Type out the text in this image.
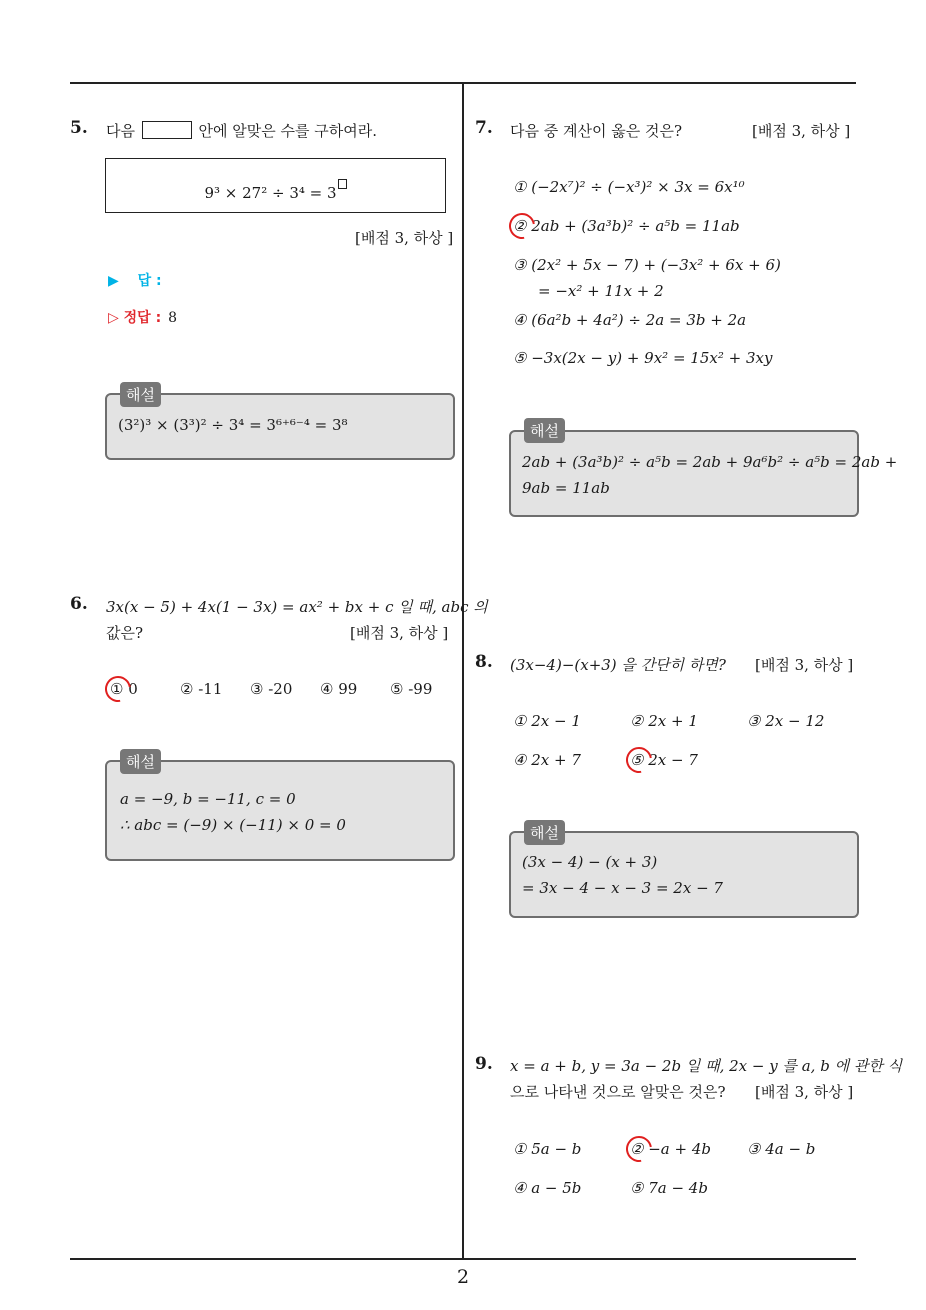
5. 다음	안에 알맞은 수를 구하여라.
9³ × 27² ÷ 3⁴ = 3
[배점 3, 하상 ]
▶ 답 :
▷ 정답 : 8
해설
(3²)³ × (3³)² ÷ 3⁴ = 3⁶⁺⁶⁻⁴ = 3⁸
6. 3x(x − 5) + 4x(1 − 3x) = ax² + bx + c 일 때, abc 의
값은?	[배점 3, 하상 ]
① 0	② -11 ③ -20 ④ 99 ⑤ -99
해설
a = −9, b = −11, c = 0
∴ abc = (−9) × (−11) × 0 = 0
7. 다음 중 계산이 옳은 것은?	[배점 3, 하상 ]
① (−2x⁷)² ÷ (−x³)² × 3x = 6x¹⁰
② 2ab + (3a³b)² ÷ a⁵b = 11ab
③ (2x² + 5x − 7) + (−3x² + 6x + 6)
= −x² + 11x + 2
④ (6a²b + 4a²) ÷ 2a = 3b + 2a
⑤ −3x(2x − y) + 9x² = 15x² + 3xy
해설
2ab + (3a³b)² ÷ a⁵b = 2ab + 9a⁶b² ÷ a⁵b = 2ab +
9ab = 11ab
8. (3x−4)−(x+3) 을 간단히 하면? [배점 3, 하상 ]
① 2x − 1	② 2x + 1	③ 2x − 12
④ 2x + 7	⑤ 2x − 7
해설
(3x − 4) − (x + 3)
= 3x − 4 − x − 3 = 2x − 7
9. x = a + b, y = 3a − 2b 일 때, 2x − y 를 a, b 에 관한 식
으로 나타낸 것으로 알맞은 것은? [배점 3, 하상 ]
① 5a − b	② −a + 4b ③ 4a − b
④ a − 5b	⑤ 7a − 4b
2
